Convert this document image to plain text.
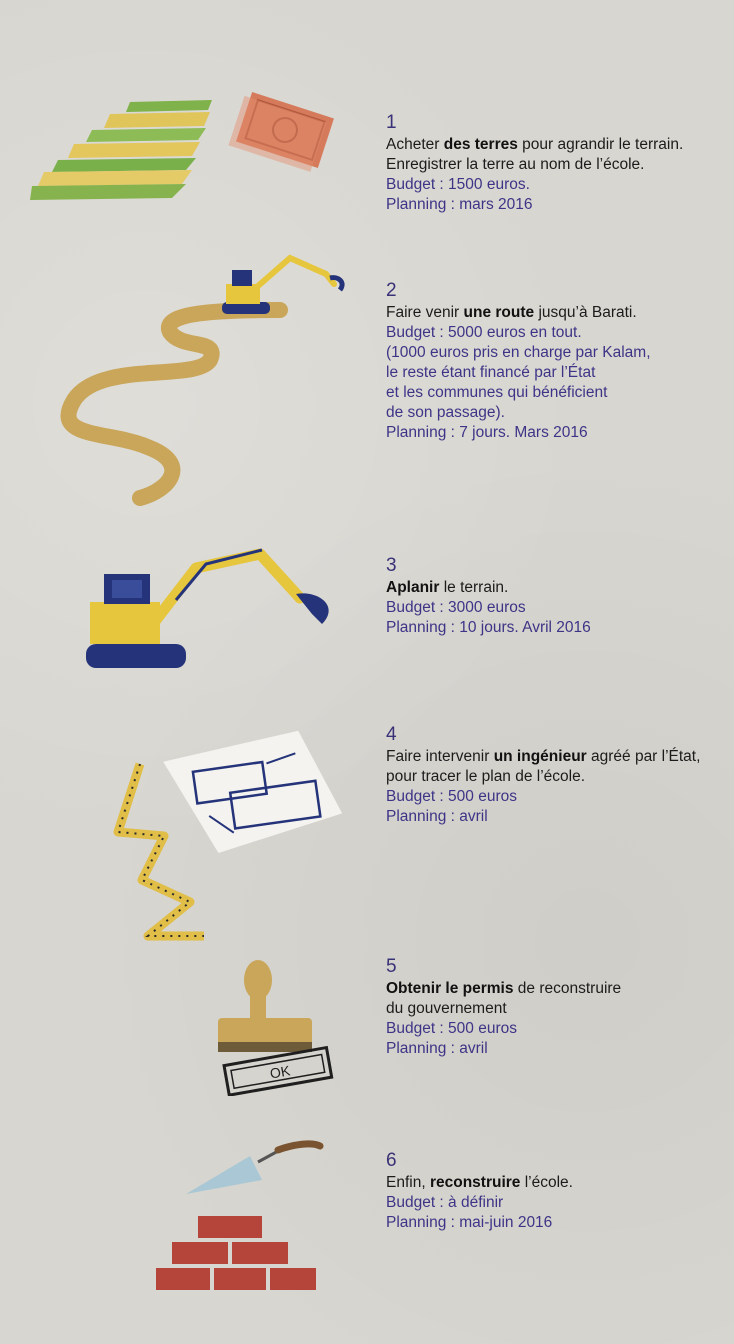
OK
1
Acheter des terres pour agrandir le terrain.
Enregistrer la terre au nom de l’école.
Budget : 1500 euros.
Planning : mars 2016
2
Faire venir une route jusqu’à Barati.
Budget : 5000 euros en tout.
(1000 euros pris en charge par Kalam,
le reste étant financé par l’État
et les communes qui bénéficient
de son passage).
Planning : 7 jours. Mars 2016
3
Aplanir le terrain.
Budget : 3000 euros
Planning : 10 jours. Avril 2016
4
Faire intervenir un ingénieur agréé par l’État,
pour tracer le plan de l’école.
Budget : 500 euros
Planning : avril
5
Obtenir le permis de reconstruire
du gouvernement
Budget : 500 euros
Planning : avril
6
Enfin, reconstruire l’école.
Budget : à définir
Planning : mai-juin 2016
